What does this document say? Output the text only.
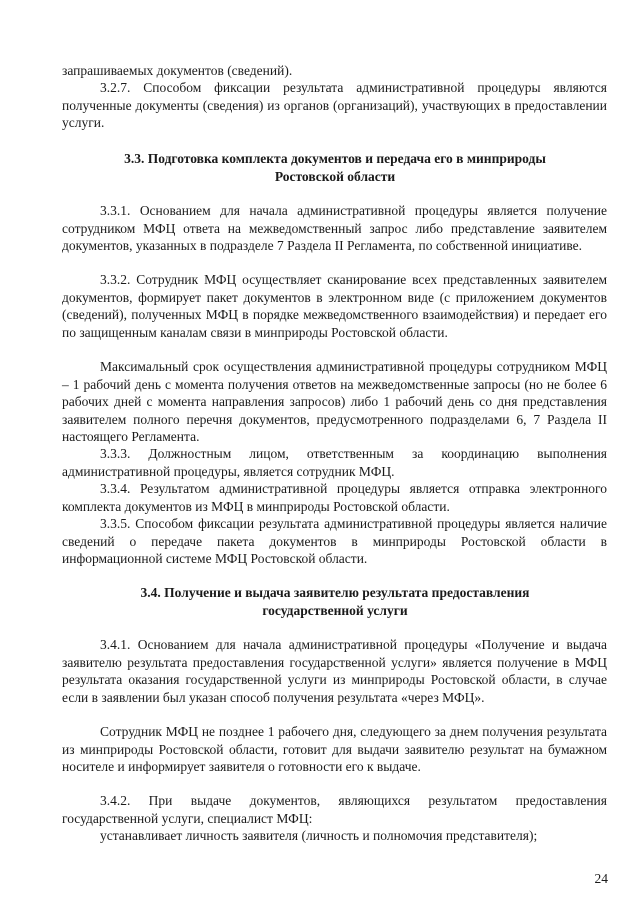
запрашиваемых документов (сведений).

3.2.7. Способом фиксации результата административной процедуры являются полученные документы (сведения) из органов (организаций), участвующих в предоставлении услуги.

3.3. Подготовка комплекта документов и передача его в минприроды Ростовской области

3.3.1. Основанием для начала административной процедуры является получение сотрудником МФЦ ответа на межведомственный запрос либо представление заявителем документов, указанных в подразделе 7 Раздела II Регламента, по собственной инициативе.

3.3.2. Сотрудник МФЦ осуществляет сканирование всех представленных заявителем документов, формирует пакет документов в электронном виде (с приложением документов (сведений), полученных МФЦ в порядке межведомственного взаимодействия) и передает его по защищенным каналам связи в минприроды Ростовской области.

Максимальный срок осуществления административной процедуры сотрудником МФЦ – 1 рабочий день с момента получения ответов на межведомственные запросы (но не более 6 рабочих дней с момента направления запросов) либо 1 рабочий день со дня представления заявителем полного перечня документов, предусмотренного подразделами 6, 7 Раздела II настоящего Регламента.

3.3.3. Должностным лицом, ответственным за координацию выполнения административной процедуры, является сотрудник МФЦ.

3.3.4. Результатом административной процедуры является отправка электронного комплекта документов из МФЦ в минприроды Ростовской области.

3.3.5. Способом фиксации результата административной процедуры является наличие сведений о передаче пакета документов в минприроды Ростовской области в информационной системе МФЦ Ростовской области.

3.4. Получение и выдача заявителю результата предоставления государственной услуги

3.4.1. Основанием для начала административной процедуры «Получение и выдача заявителю результата предоставления государственной услуги» является получение в МФЦ результата оказания государственной услуги из минприроды Ростовской области, в случае если в заявлении был указан способ получения результата «через МФЦ».

Сотрудник МФЦ не позднее 1 рабочего дня, следующего за днем получения результата из минприроды Ростовской области, готовит для выдачи заявителю результат на бумажном носителе и информирует заявителя о готовности его к выдаче.

3.4.2. При выдаче документов, являющихся результатом предоставления государственной услуги, специалист МФЦ:

устанавливает личность заявителя (личность и полномочия представителя);

24
